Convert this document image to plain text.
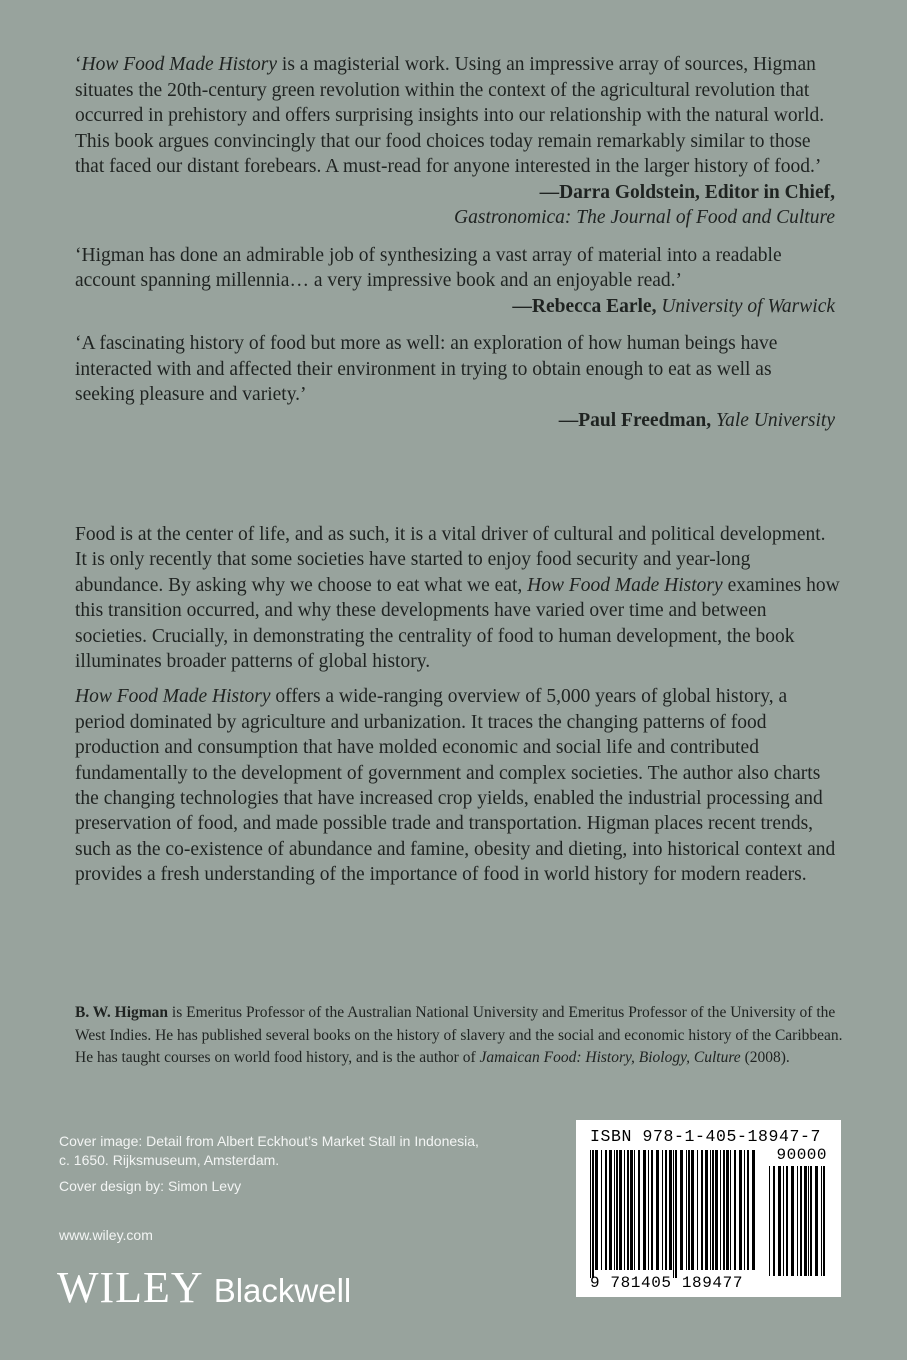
‘How Food Made History is a magisterial work. Using an impressive array of sources, Higman situates the 20th-century green revolution within the context of the agricultural revolution that occurred in prehistory and offers surprising insights into our relationship with the natural world. This book argues convincingly that our food choices today remain remarkably similar to those that faced our distant forebears. A must-read for anyone interested in the larger history of food.’

—Darra Goldstein, Editor in Chief,

Gastronomica: The Journal of Food and Culture

‘Higman has done an admirable job of synthesizing a vast array of material into a readable account spanning millennia… a very impressive book and an enjoyable read.’

—Rebecca Earle, University of Warwick

‘A fascinating history of food but more as well: an exploration of how human beings have interacted with and affected their environment in trying to obtain enough to eat as well as seeking pleasure and variety.’

—Paul Freedman, Yale University

Food is at the center of life, and as such, it is a vital driver of cultural and political development. It is only recently that some societies have started to enjoy food security and year-long abundance. By asking why we choose to eat what we eat, How Food Made History examines how this transition occurred, and why these developments have varied over time and between societies. Crucially, in demonstrating the centrality of food to human development, the book illuminates broader patterns of global history.

How Food Made History offers a wide-ranging overview of 5,000 years of global history, a period dominated by agriculture and urbanization. It traces the changing patterns of food production and consumption that have molded economic and social life and contributed fundamentally to the development of government and complex societies. The author also charts the changing technologies that have increased crop yields, enabled the industrial processing and preservation of food, and made possible trade and transportation. Higman places recent trends, such as the co-existence of abundance and famine, obesity and dieting, into historical context and provides a fresh understanding of the importance of food in world history for modern readers.

B. W. Higman is Emeritus Professor of the Australian National University and Emeritus Professor of the University of the West Indies. He has published several books on the history of slavery and the social and economic history of the Caribbean. He has taught courses on world food history, and is the author of Jamaican Food: History, Biology, Culture (2008).

Cover image: Detail from Albert Eckhout’s Market Stall in Indonesia,

c. 1650. Rijksmuseum, Amsterdam.

Cover design by: Simon Levy

www.wiley.com
WILEY Blackwell
ISBN 978-1-405-18947-7
90000
9 781405 189477
